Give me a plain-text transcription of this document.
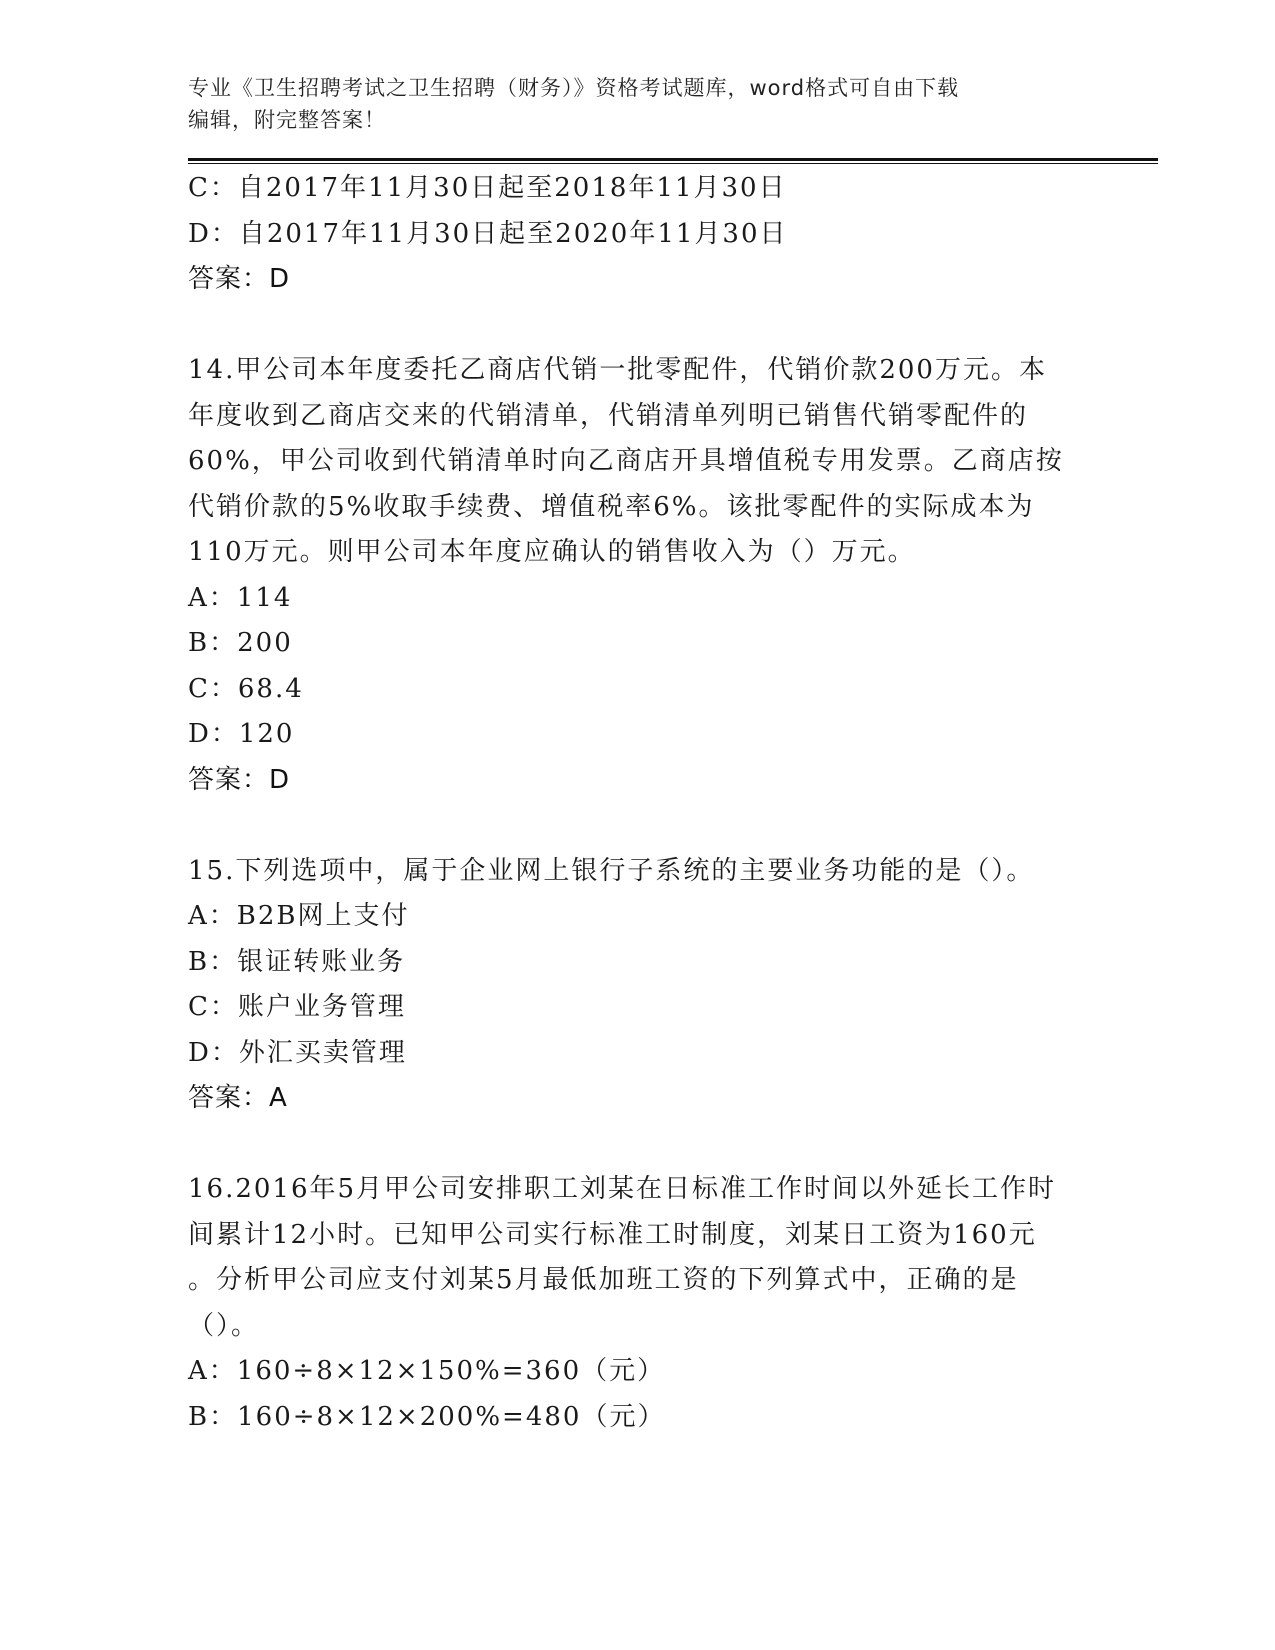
专业《卫生招聘考试之卫生招聘（财务）》资格考试题库，word格式可自由下载
编辑，附完整答案！
C：自2017年11月30日起至2018年11月30日
D：自2017年11月30日起至2020年11月30日
答案：D
14.甲公司本年度委托乙商店代销一批零配件，代销价款200万元。本
年度收到乙商店交来的代销清单，代销清单列明已销售代销零配件的
60%，甲公司收到代销清单时向乙商店开具增值税专用发票。乙商店按
代销价款的5%收取手续费、增值税率6%。该批零配件的实际成本为
110万元。则甲公司本年度应确认的销售收入为（）万元。
A：114
B：200
C：68.4
D：120
答案：D
15.下列选项中，属于企业网上银行子系统的主要业务功能的是（）。
A：B2B网上支付
B：银证转账业务
C：账户业务管理
D：外汇买卖管理
答案：A
16.2016年5月甲公司安排职工刘某在日标准工作时间以外延长工作时
间累计12小时。已知甲公司实行标准工时制度，刘某日工资为160元
。分析甲公司应支付刘某5月最低加班工资的下列算式中，正确的是
（）。
A：160÷8×12×150%=360（元）
B：160÷8×12×200%=480（元）
